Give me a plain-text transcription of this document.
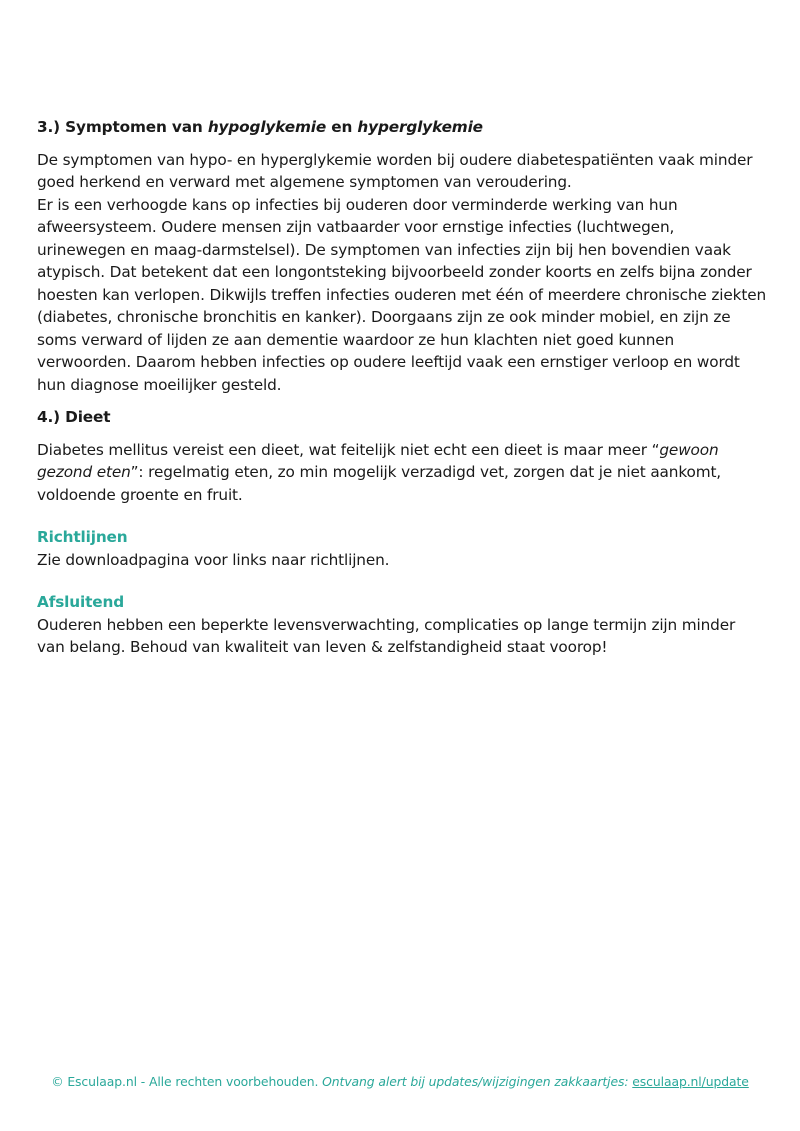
3.) Symptomen van hypoglykemie en hyperglykemie

De symptomen van hypo- en hyperglykemie worden bij oudere diabetespatiënten vaak minder goed herkend en verward met algemene symptomen van veroudering.

Er is een verhoogde kans op infecties bij ouderen door verminderde werking van hun afweersysteem. Oudere mensen zijn vatbaarder voor ernstige infecties (luchtwegen, urinewegen en maag-darmstelsel). De symptomen van infecties zijn bij hen bovendien vaak atypisch. Dat betekent dat een longontsteking bijvoorbeeld zonder koorts en zelfs bijna zonder hoesten kan verlopen. Dikwijls treffen infecties ouderen met één of meerdere chronische ziekten (diabetes, chronische bronchitis en kanker). Doorgaans zijn ze ook minder mobiel, en zijn ze soms verward of lijden ze aan dementie waardoor ze hun klachten niet goed kunnen verwoorden. Daarom hebben infecties op oudere leeftijd vaak een ernstiger verloop en wordt hun diagnose moeilijker gesteld.

4.) Dieet

Diabetes mellitus vereist een dieet, wat feitelijk niet echt een dieet is maar meer “gewoon gezond eten”: regelmatig eten, zo min mogelijk verzadigd vet, zorgen dat je niet aankomt, voldoende groente en fruit.

Richtlijnen

Zie downloadpagina voor links naar richtlijnen.

Afsluitend

Ouderen hebben een beperkte levensverwachting, complicaties op lange termijn zijn minder van belang. Behoud van kwaliteit van leven & zelfstandigheid staat voorop!

© Esculaap.nl - Alle rechten voorbehouden. Ontvang alert bij updates/wijzigingen zakkaartjes: esculaap.nl/update
